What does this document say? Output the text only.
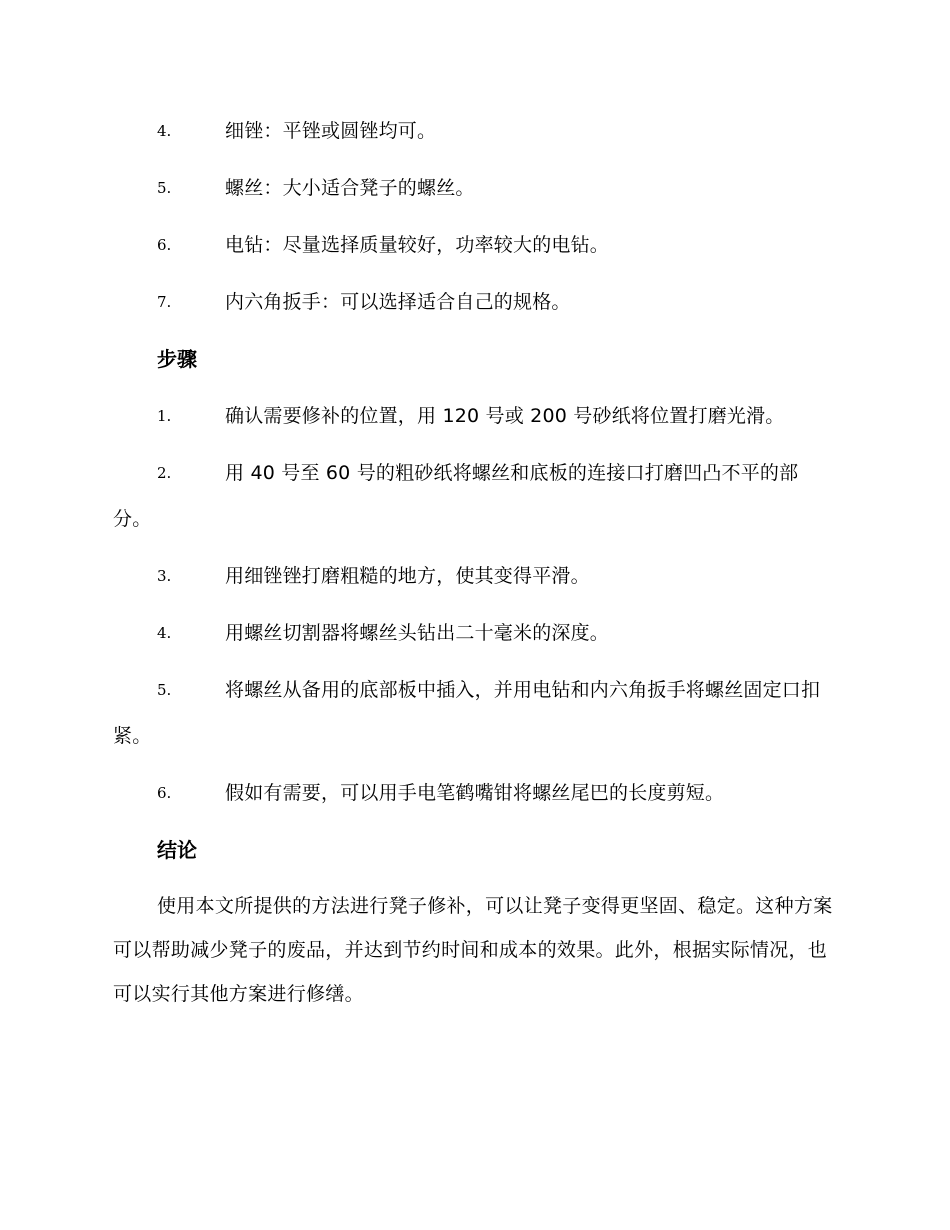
4.	细锉：平锉或圆锉均可。
5.	螺丝：大小适合凳子的螺丝。
6.	电钻：尽量选择质量较好，功率较大的电钻。
7.	内六角扳手：可以选择适合自己的规格。
步骤
1.	确认需要修补的位置，用 120 号或 200 号砂纸将位置打磨光滑。
2.	用 40 号至 60 号的粗砂纸将螺丝和底板的连接口打磨凹凸不平的部分。
3.	用细锉锉打磨粗糙的地方，使其变得平滑。
4.	用螺丝切割器将螺丝头钻出二十毫米的深度。
5.	将螺丝从备用的底部板中插入，并用电钻和内六角扳手将螺丝固定口扣紧。
6.	假如有需要，可以用手电笔鹤嘴钳将螺丝尾巴的长度剪短。
结论

使用本文所提供的方法进行凳子修补，可以让凳子变得更坚固、稳定。这种方案可以帮助减少凳子的废品，并达到节约时间和成本的效果。此外，根据实际情况，也可以实行其他方案进行修缮。
